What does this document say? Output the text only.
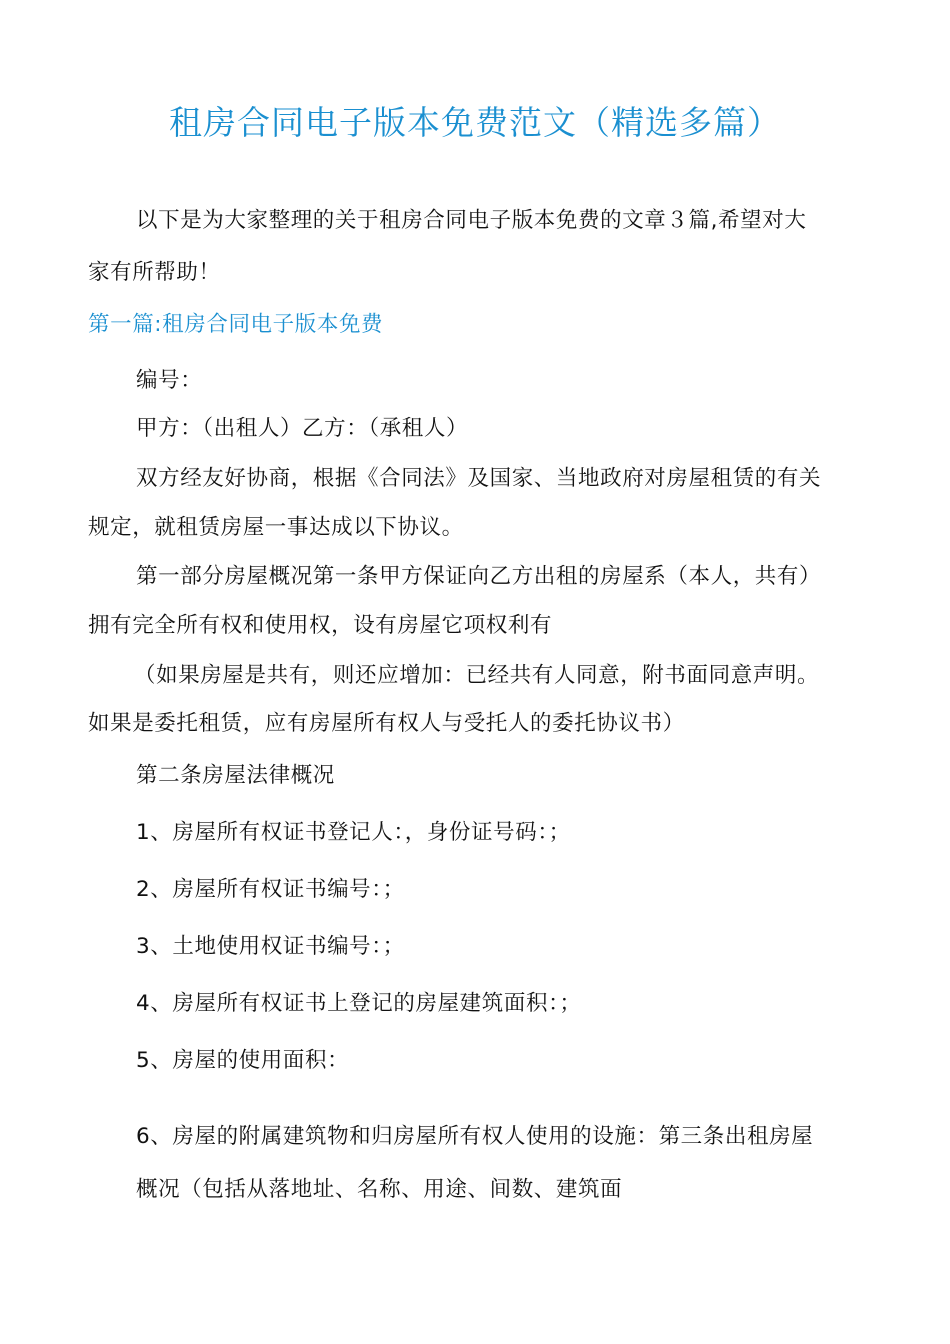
租房合同电子版本免费范文（精选多篇）
以下是为大家整理的关于租房合同电子版本免费的文章３篇,希望对大
家有所帮助！
第一篇:租房合同电子版本免费
编号：
甲方：（出租人）乙方：（承租人）
双方经友好协商，根据《合同法》及国家、当地政府对房屋租赁的有关
规定，就租赁房屋一事达成以下协议。
第一部分房屋概况第一条甲方保证向乙方出租的房屋系（本人，共有）
拥有完全所有权和使用权，设有房屋它项权利有
（如果房屋是共有，则还应增加：已经共有人同意，附书面同意声明。
如果是委托租赁，应有房屋所有权人与受托人的委托协议书）
第二条房屋法律概况
1、房屋所有权证书登记人：，身份证号码：；
2、房屋所有权证书编号：；
3、土地使用权证书编号：；
4、房屋所有权证书上登记的房屋建筑面积：；
5、房屋的使用面积：
6、房屋的附属建筑物和归房屋所有权人使用的设施：第三条出租房屋
概况（包括从落地址、名称、用途、间数、建筑面
